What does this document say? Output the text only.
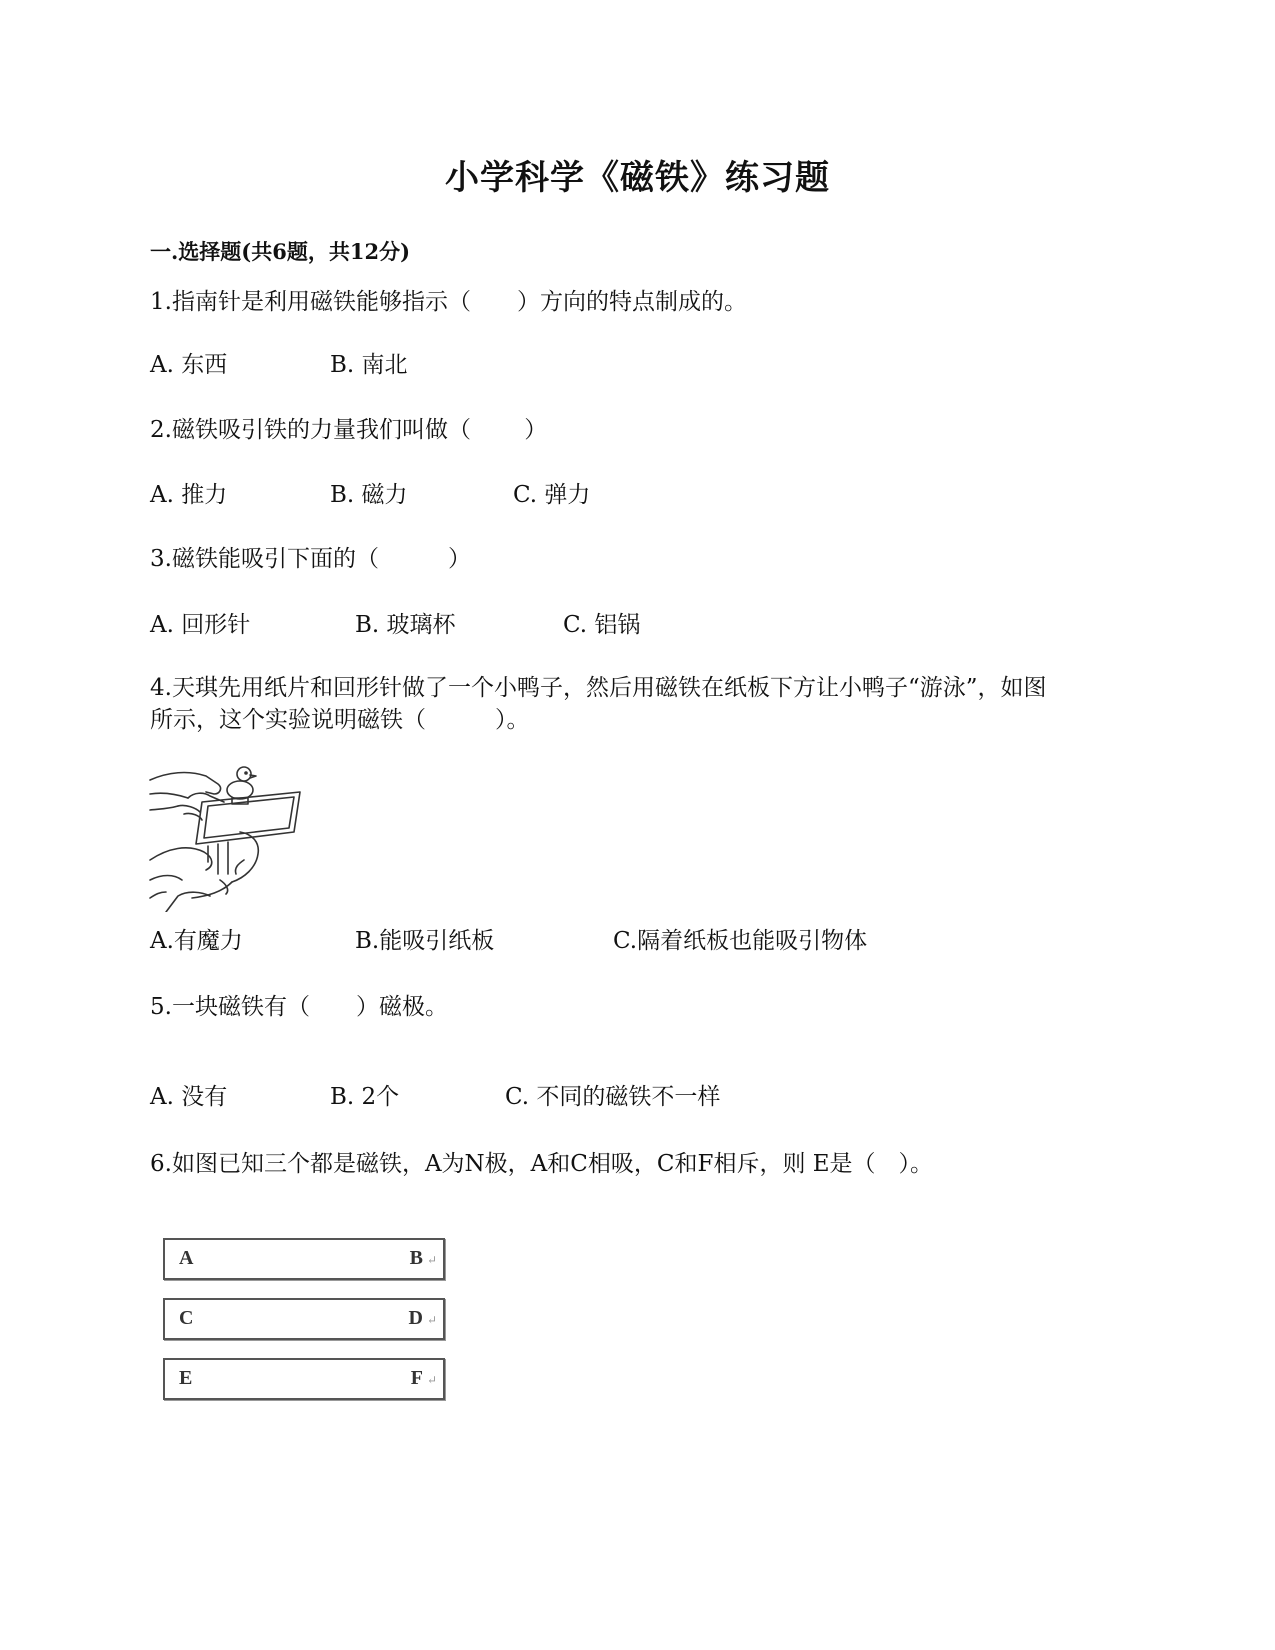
小学科学《磁铁》练习题
一.选择题(共6题，共12分)
1.指南针是利用磁铁能够指示（　　）方向的特点制成的。
A. 东西	B. 南北
2.磁铁吸引铁的力量我们叫做（　　 ）
A. 推力	B. 磁力	C. 弹力
3.磁铁能吸引下面的（　　　）
A. 回形针	B. 玻璃杯	C. 铝锅
4.天琪先用纸片和回形针做了一个小鸭子，然后用磁铁在纸板下方让小鸭子“游泳”，如图
所示，这个实验说明磁铁（　　　）。
A.有魔力	B.能吸引纸板	C.隔着纸板也能吸引物体
5.一块磁铁有（　　）磁极。
A. 没有	B. 2个	C. 不同的磁铁不一样
6.如图已知三个都是磁铁，A为N极，A和C相吸，C和F相斥，则 E是（　）。
A	B ↵
C	D ↵
E	F ↵
